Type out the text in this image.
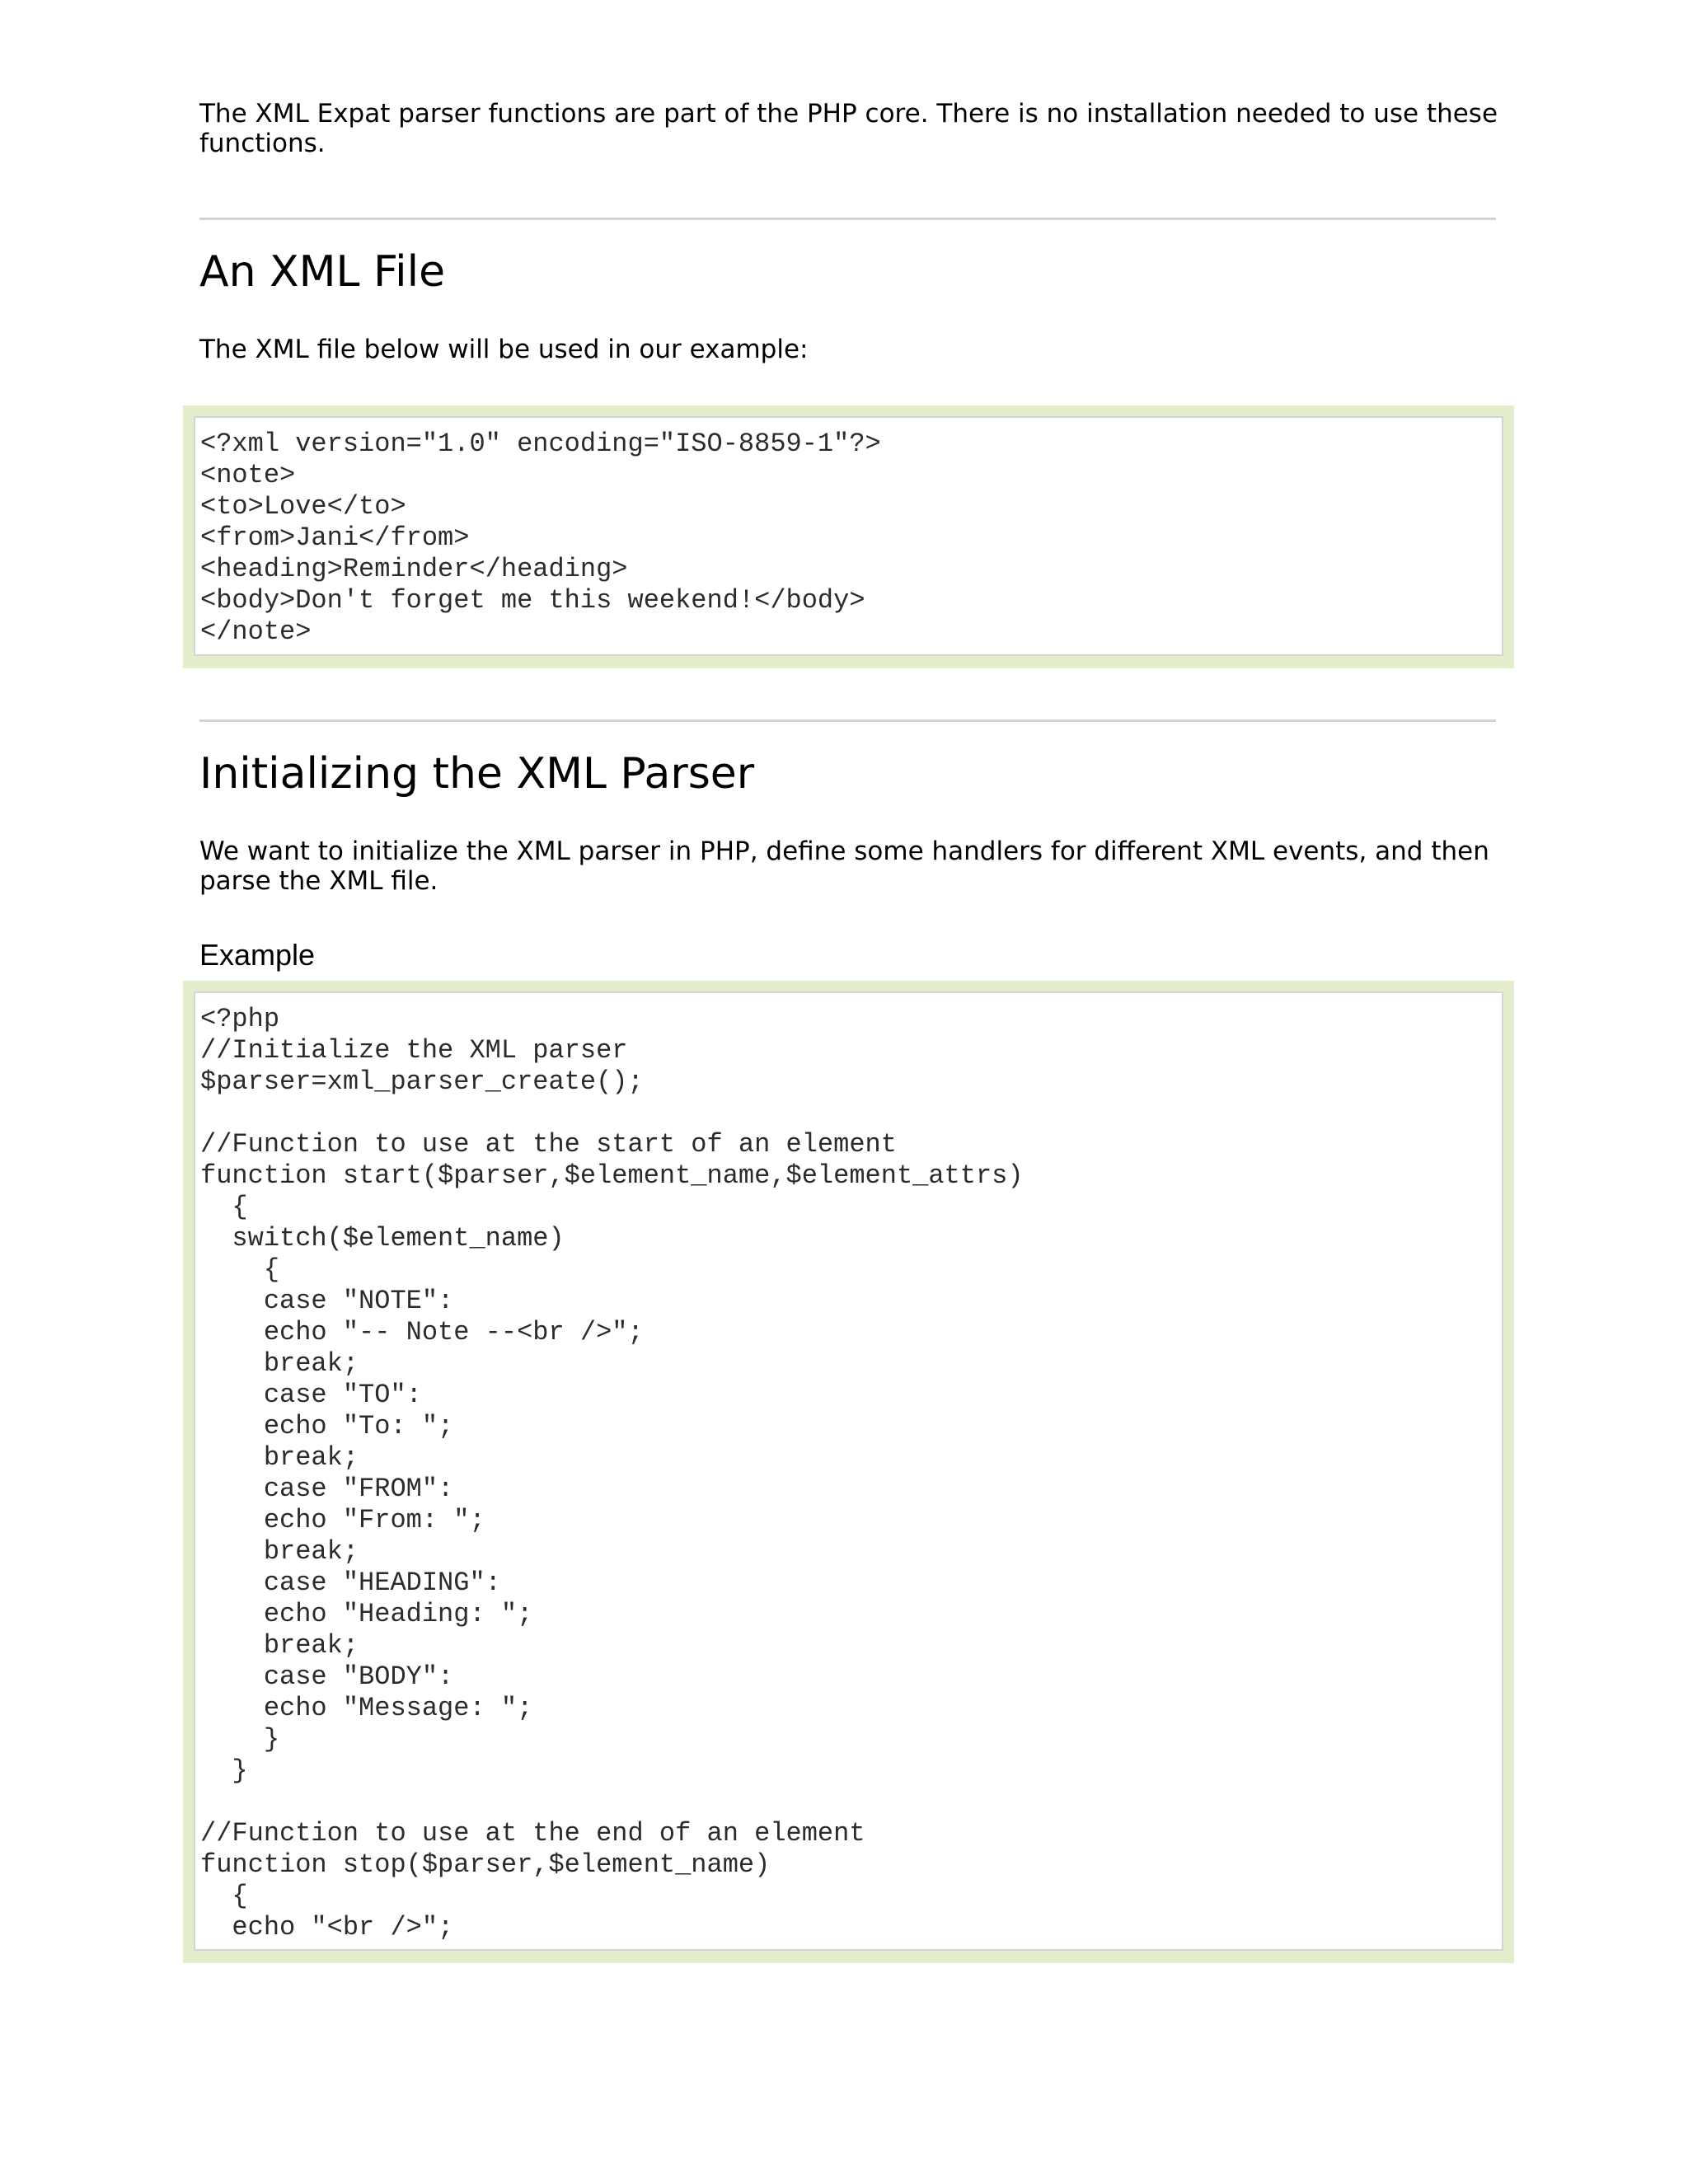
The XML Expat parser functions are part of the PHP core. There is no installation needed to use these functions.

An XML File

The XML file below will be used in our example:

<?xml version="1.0" encoding="ISO-8859-1"?>
<note>
<to>Love</to>
<from>Jani</from>
<heading>Reminder</heading>
<body>Don't forget me this weekend!</body>
</note>
Initializing the XML Parser

We want to initialize the XML parser in PHP, define some handlers for different XML events, and then parse the XML file.

Example
<?php
//Initialize the XML parser
$parser=xml_parser_create();
//Function to use at the start of an element
function start($parser,$element_name,$element_attrs)
{
switch($element_name)
{
case "NOTE":
echo "-- Note --<br />";
break;
case "TO":
echo "To: ";
break;
case "FROM":
echo "From: ";
break;
case "HEADING":
echo "Heading: ";
break;
case "BODY":
echo "Message: ";
}
}
//Function to use at the end of an element
function stop($parser,$element_name)
{
echo "<br />";
